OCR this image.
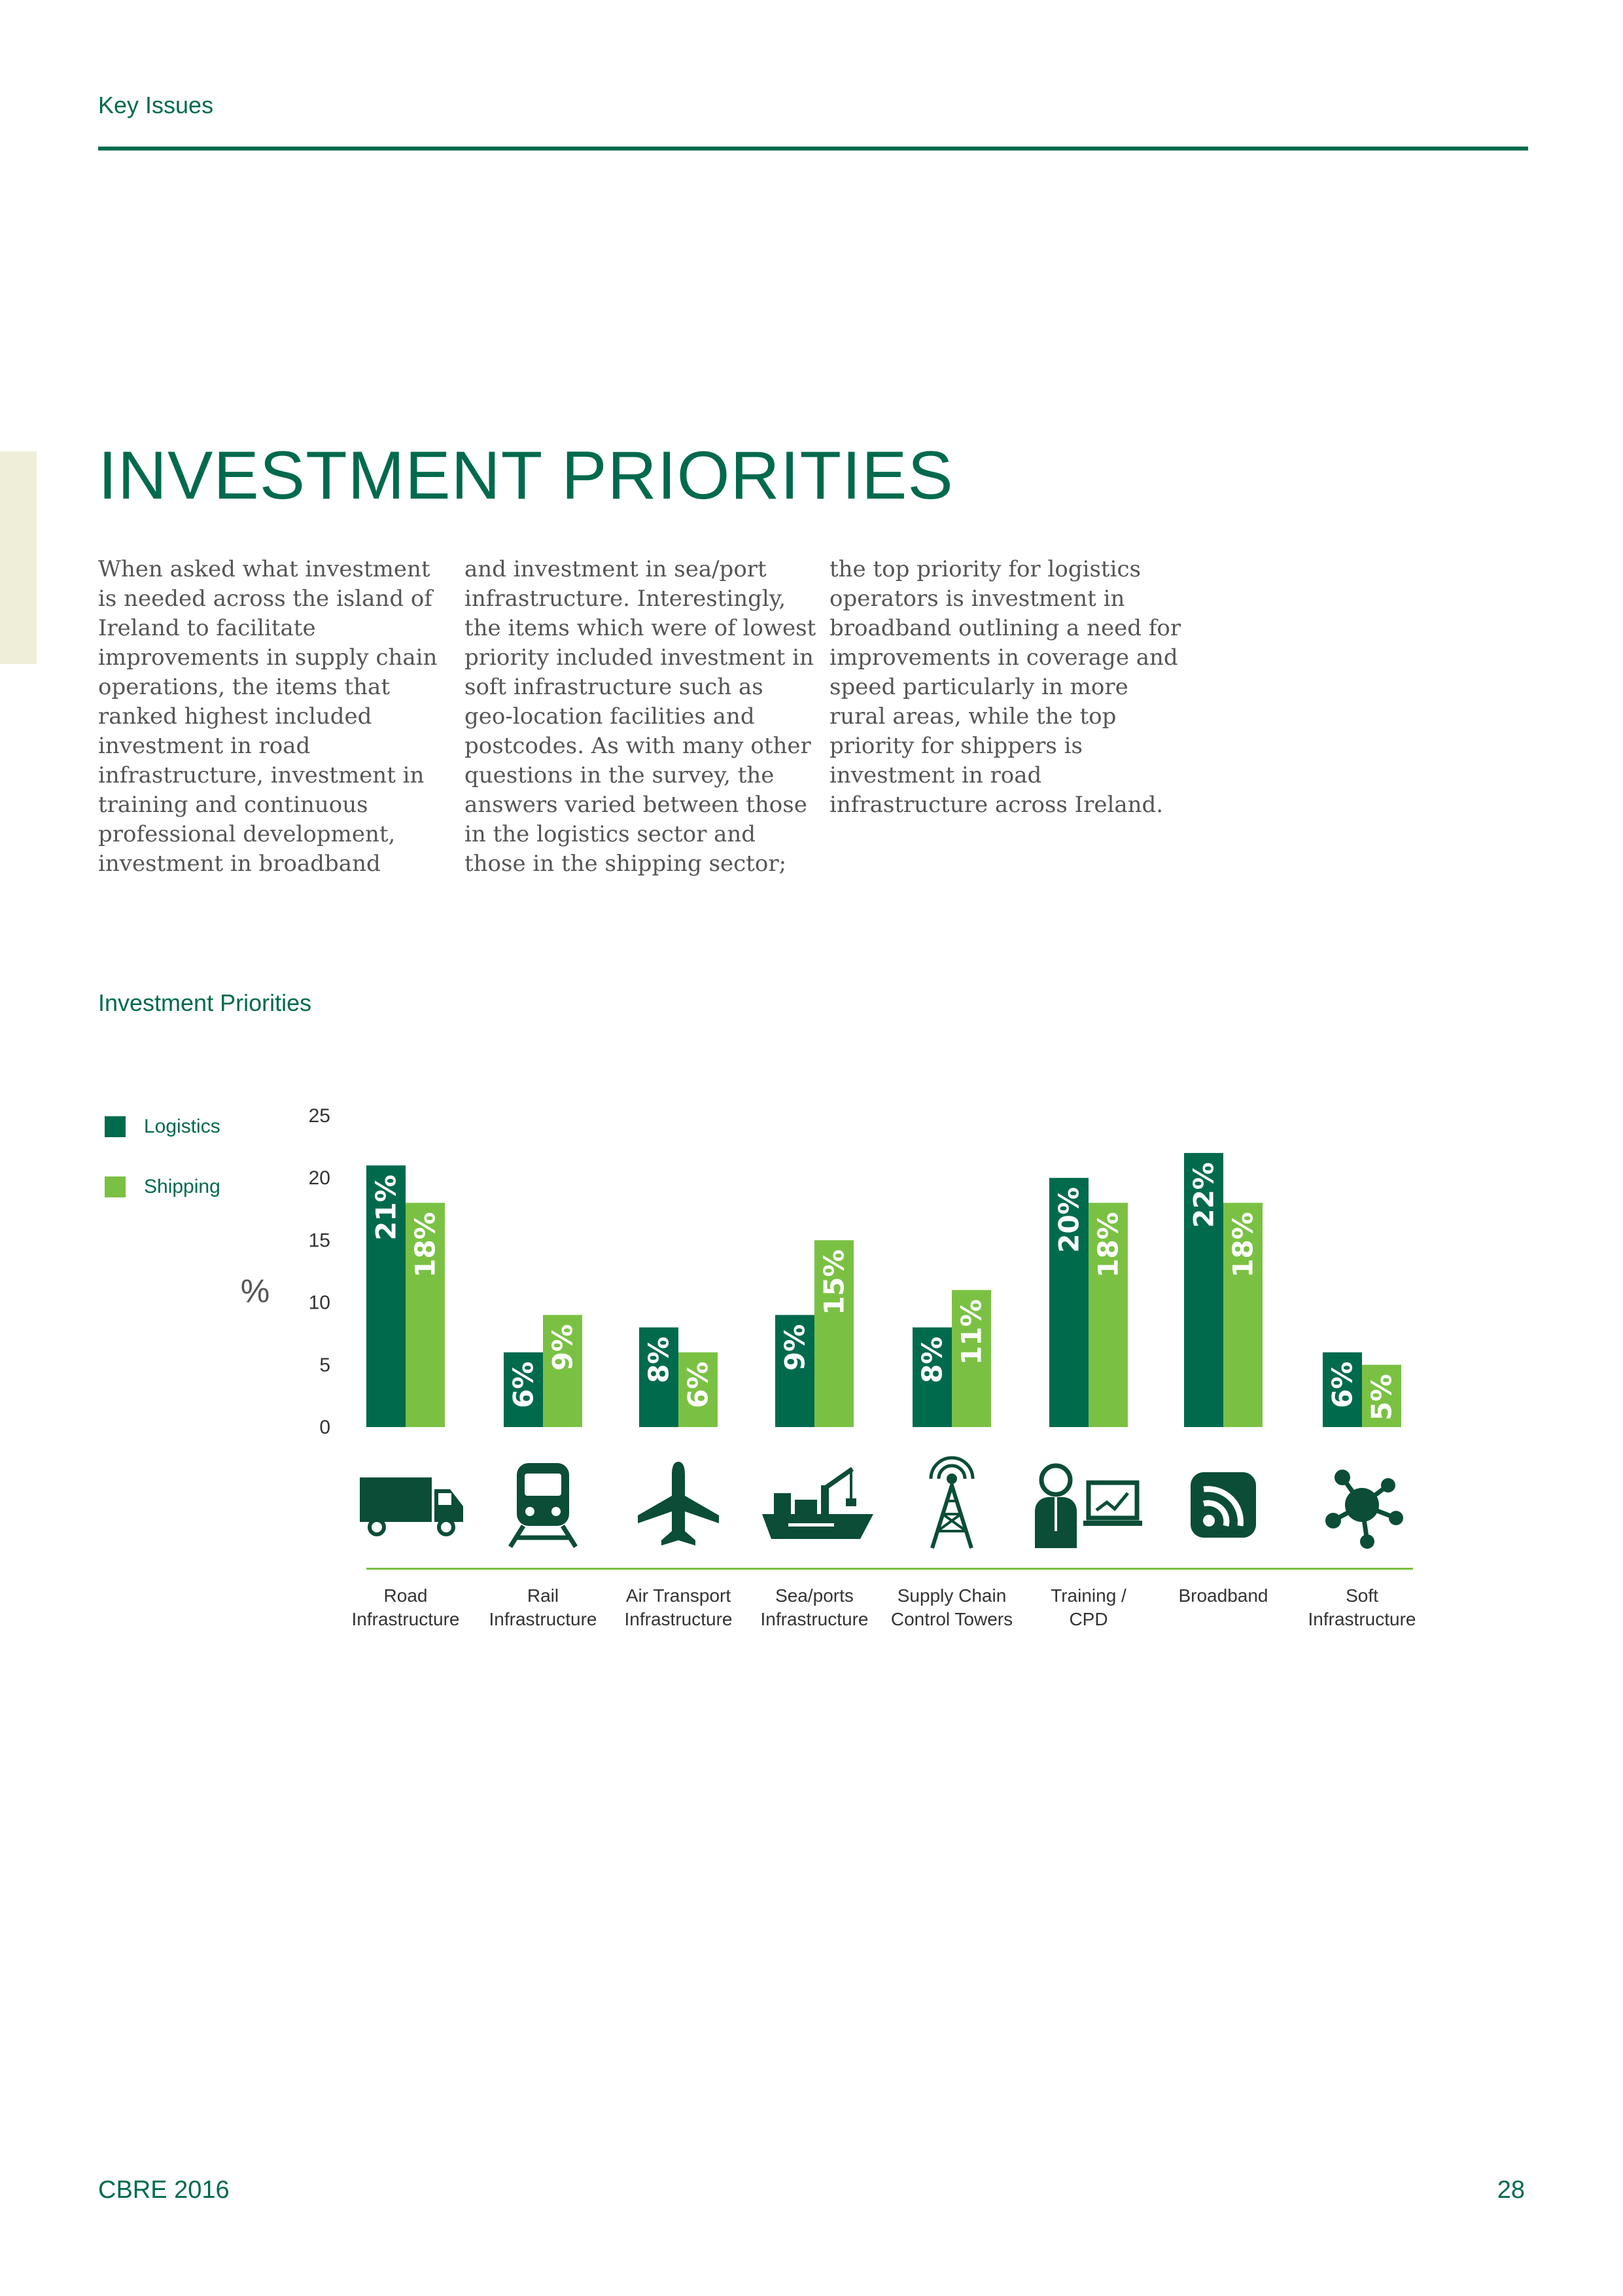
Key Issues
INVESTMENT PRIORITIES

When asked what investment is needed across the island of Ireland to facilitate improvements in supply chain operations, the items that ranked highest included investment in road infrastructure, investment in training and continuous professional development, investment in broadband

and investment in sea/port infrastructure. Interestingly, the items which were of lowest priority included investment in soft infrastructure such as geo-location facilities and postcodes. As with many other questions in the survey, the answers varied between those in the logistics sector and those in the shipping sector;

the top priority for logistics operators is investment in broadband outlining a need for improvements in coverage and speed particularly in more rural areas, while the top priority for shippers is investment in road infrastructure across Ireland.

Investment Priorities
Logistics
Shipping
%
0
5
10
15
20
25
21%
18%
Road
Infrastructure
6%
9%
Rail
Infrastructure
8%
6%
Air Transport
Infrastructure
9%
15%
Sea/ports
Infrastructure
8% 11%
Supply Chain
Control Towers
20% 18%
Training /
CPD
22%
18%
Broadband
6% 5%
Soft
Infrastructure
CBRE 2016	28
